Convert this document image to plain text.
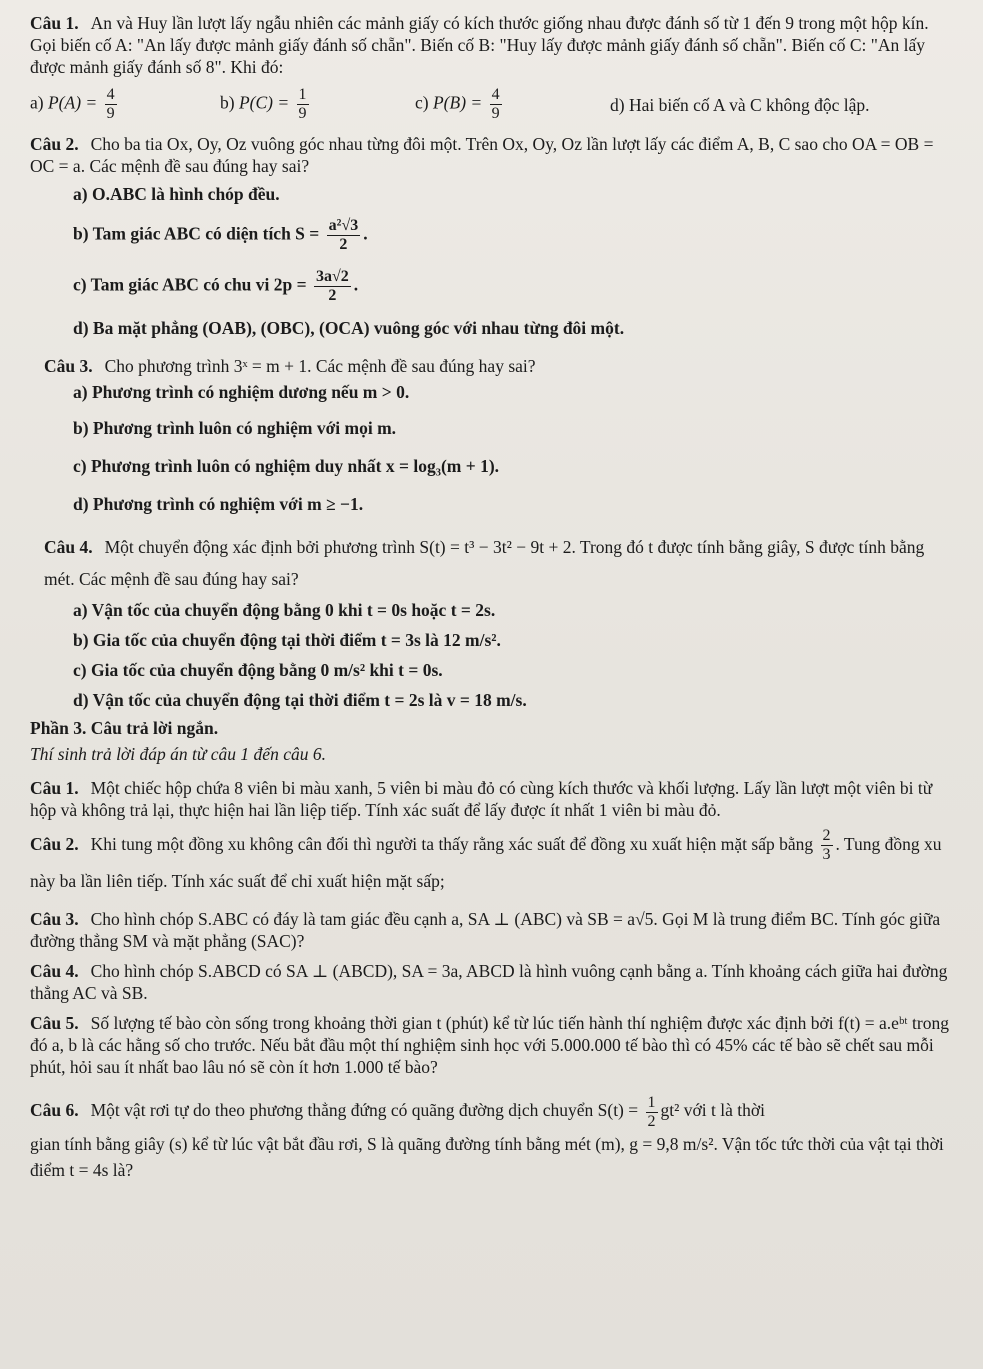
Câu 1. An và Huy lần lượt lấy ngẫu nhiên các mảnh giấy có kích thước giống nhau được đánh số từ 1 đến 9 trong một hộp kín. Gọi biến cố A: "An lấy được mảnh giấy đánh số chẵn". Biến cố B: "Huy lấy được mảnh giấy đánh số chẵn". Biến cố C: "An lấy được mảnh giấy đánh số 8". Khi đó:

a) $P(A) = \frac{4}{9}$	b) $P(C) = \frac{1}{9}$	c) $P(B) = \frac{4}{9}$	d) Hai biến cố A và C không độc lập.

Câu 2. Cho ba tia Ox, Oy, Oz vuông góc nhau từng đôi một. Trên Ox, Oy, Oz lần lượt lấy các điểm A, B, C sao cho OA = OB = OC = a. Các mệnh đề sau đúng hay sai?

a) O.ABC là hình chóp đều.

b) Tam giác ABC có diện tích $S = \frac{\text{a²√3}}{2}$ .
c) Tam giác ABC có chu vi $2p = \frac{3a√2}{2}$ .

d) Ba mặt phẳng (OAB), (OBC), (OCA) vuông góc với nhau từng đôi một.

Câu 3. Cho phương trình 3ˣ = m + 1. Các mệnh đề sau đúng hay sai?

a) Phương trình có nghiệm dương nếu m > 0.

b) Phương trình luôn có nghiệm với mọi m.

c) Phương trình luôn có nghiệm duy nhất x = log₃(m + 1).

d) Phương trình có nghiệm với m ≥ −1.

Câu 4. Một chuyển động xác định bởi phương trình S(t) = t³ − 3t² − 9t + 2. Trong đó t được tính bằng giây, S được tính bằng mét. Các mệnh đề sau đúng hay sai?

a) Vận tốc của chuyển động bằng 0 khi t = 0s hoặc t = 2s.

b) Gia tốc của chuyển động tại thời điểm t = 3s là 12 m/s².

c) Gia tốc của chuyển động bằng 0 m/s² khi t = 0s.

d) Vận tốc của chuyển động tại thời điểm t = 2s là v = 18 m/s.

Phần 3. Câu trả lời ngắn.

Thí sinh trả lời đáp án từ câu 1 đến câu 6.

Câu 1. Một chiếc hộp chứa 8 viên bi màu xanh, 5 viên bi màu đỏ có cùng kích thước và khối lượng. Lấy lần lượt một viên bi từ hộp và không trả lại, thực hiện hai lần liệp tiếp. Tính xác suất để lấy được ít nhất 1 viên bi màu đỏ.

Câu 2. Khi tung một đồng xu không cân đối thì người ta thấy rằng xác suất để đồng xu xuất hiện mặt sấp bằng $\frac{2}{3}$ . Tung đồng xu này ba lần liên tiếp. Tính xác suất để chỉ xuất hiện mặt sấp;

Câu 3. Cho hình chóp S.ABC có đáy là tam giác đều cạnh a, SA ⊥ (ABC) và SB = a√5. Gọi M là trung điểm BC. Tính góc giữa đường thẳng SM và mặt phẳng (SAC)?

Câu 4. Cho hình chóp S.ABCD có SA ⊥ (ABCD), SA = 3a, ABCD là hình vuông cạnh bằng a. Tính khoảng cách giữa hai đường thẳng AC và SB.

Câu 5. Số lượng tế bào còn sống trong khoảng thời gian t (phút) kể từ lúc tiến hành thí nghiệm được xác định bởi f(t) = a.eᵇᵗ trong đó a, b là các hằng số cho trước. Nếu bắt đầu một thí nghiệm sinh học với 5.000.000 tế bào thì có 45% các tế bào sẽ chết sau mỗi phút, hỏi sau ít nhất bao lâu nó sẽ còn ít hơn 1.000 tế bào?

Câu 6. Một vật rơi tự do theo phương thẳng đứng có quãng đường dịch chuyển $S(t) = \frac{1}{2} gt^2$ với t là thời

gian tính bằng giây (s) kể từ lúc vật bắt đầu rơi, S là quãng đường tính bằng mét (m), g = 9,8 m/s². Vận tốc tức thời của vật tại thời điểm t = 4s là?
